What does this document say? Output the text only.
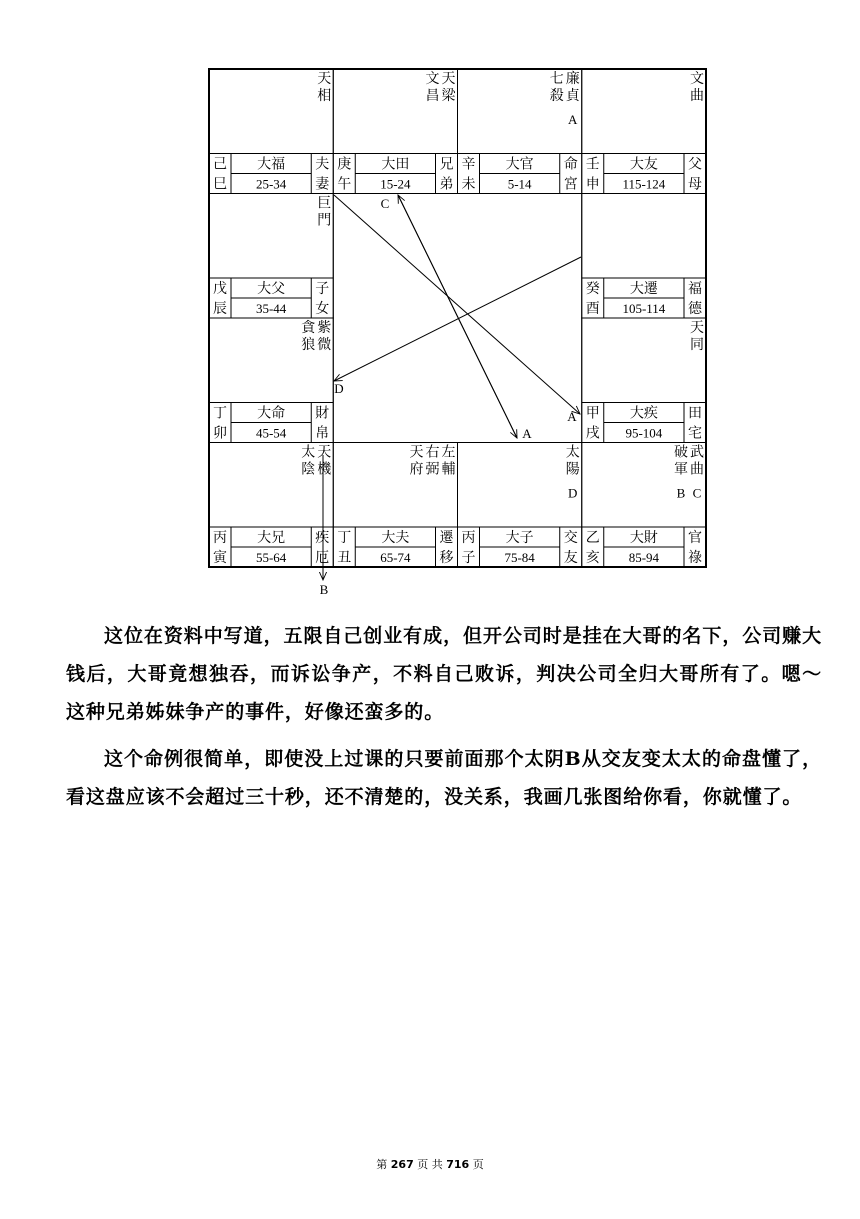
己
巳
大福
25-34
夫
妻
天
相
庚
午
大田
15-24
兄
弟
天
梁
文
昌
辛
未
大官
5-14
命
宮
廉
貞
A
七
殺
壬
申
大友
115-124
父
母
文
曲
戊
辰
大父
35-44
子
女
巨
門
癸
酉
大遷
105-114
福
德
丁
卯
大命
45-54
財
帛
紫
微
貪
狼
甲
戌
大疾
95-104
田
宅
天
同
丙
寅
大兄
55-64
疾
厄
天
機
太
陰
丁
丑
大夫
65-74
遷
移
左
輔
右
弼
天
府
丙
子
大子
75-84
交
友
太
陽
D
乙
亥
大財
85-94
官
祿
武
曲
C
破
軍
B
C
D
A
A
B

这位在资料中写道，五限自己创业有成，但开公司时是挂在大哥的名下，公司赚大钱后，大哥竟想独吞，而诉讼争产，不料自己败诉，判决公司全归大哥所有了。嗯～这种兄弟姊妹争产的事件，好像还蛮多的。

这个命例很简单，即使没上过课的只要前面那个太阴B从交友变太太的命盘懂了，看这盘应该不会超过三十秒，还不清楚的，没关系，我画几张图给你看，你就懂了。

第 267 页 共 716 页
